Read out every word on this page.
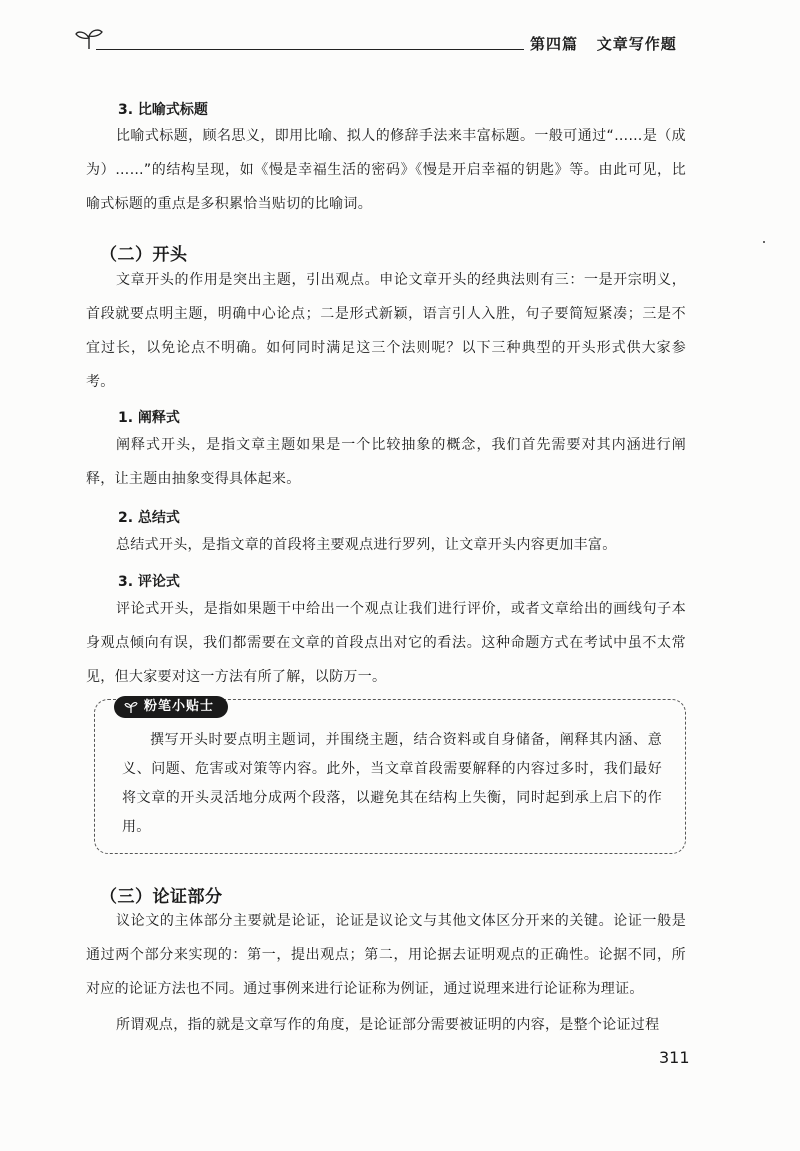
第四篇 文章写作题
3. 比喻式标题

比喻式标题，顾名思义，即用比喻、拟人的修辞手法来丰富标题。一般可通过“……是（成为）……”的结构呈现，如《慢是幸福生活的密码》《慢是开启幸福的钥匙》等。由此可见，比喻式标题的重点是多积累恰当贴切的比喻词。

（二）开头

文章开头的作用是突出主题，引出观点。申论文章开头的经典法则有三：一是开宗明义，首段就要点明主题，明确中心论点；二是形式新颖，语言引人入胜，句子要简短紧凑；三是不宜过长，以免论点不明确。如何同时满足这三个法则呢？以下三种典型的开头形式供大家参考。

1. 阐释式

阐释式开头，是指文章主题如果是一个比较抽象的概念，我们首先需要对其内涵进行阐释，让主题由抽象变得具体起来。

2. 总结式

总结式开头，是指文章的首段将主要观点进行罗列，让文章开头内容更加丰富。

3. 评论式

评论式开头，是指如果题干中给出一个观点让我们进行评价，或者文章给出的画线句子本身观点倾向有误，我们都需要在文章的首段点出对它的看法。这种命题方式在考试中虽不太常见，但大家要对这一方法有所了解，以防万一。

粉笔小贴士

撰写开头时要点明主题词，并围绕主题，结合资料或自身储备，阐释其内涵、意义、问题、危害或对策等内容。此外，当文章首段需要解释的内容过多时，我们最好将文章的开头灵活地分成两个段落，以避免其在结构上失衡，同时起到承上启下的作用。

（三）论证部分

议论文的主体部分主要就是论证，论证是议论文与其他文体区分开来的关键。论证一般是通过两个部分来实现的：第一，提出观点；第二，用论据去证明观点的正确性。论据不同，所对应的论证方法也不同。通过事例来进行论证称为例证，通过说理来进行论证称为理证。

所谓观点，指的就是文章写作的角度，是论证部分需要被证明的内容，是整个论证过程

311
